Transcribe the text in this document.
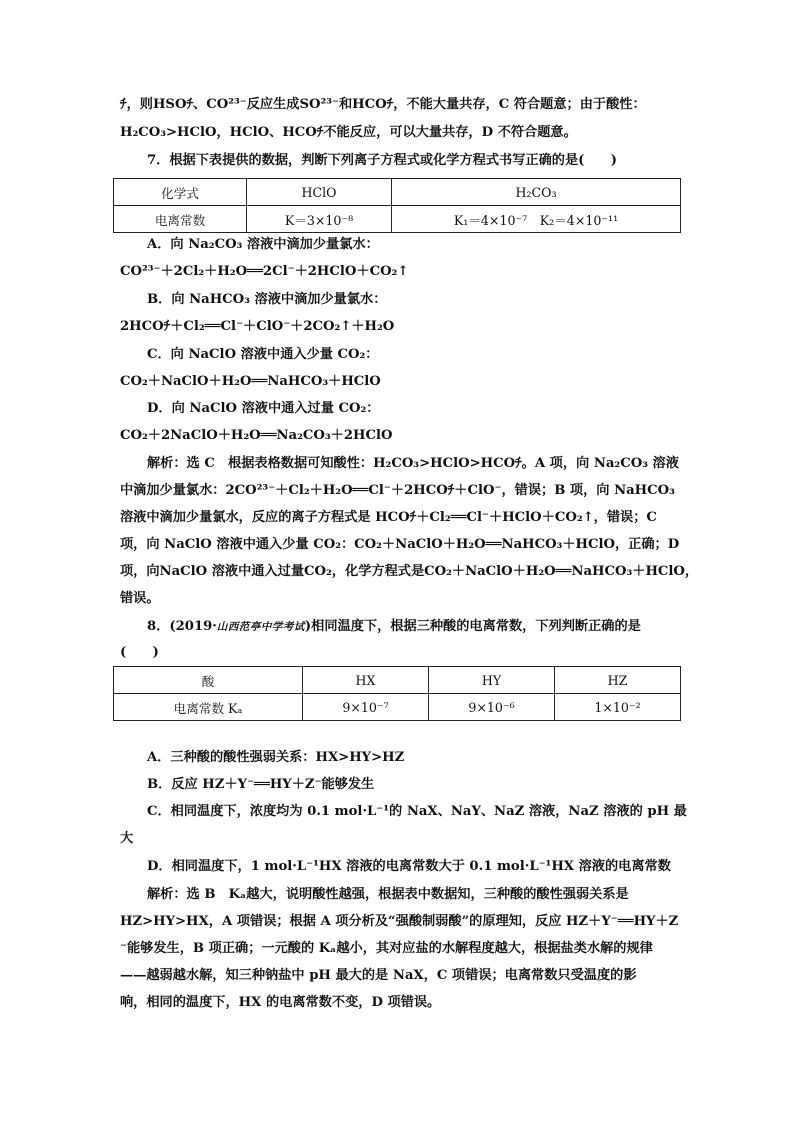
ﾁ，则HSOﾁ、CO²³⁻反应生成SO²³⁻和HCOﾁ，不能大量共存，C 符合题意；由于酸性：
H₂CO₃>HClO，HClO、HCOﾁ不能反应，可以大量共存，D 不符合题意。
7．根据下表提供的数据，判断下列离子方程式或化学方程式书写正确的是(　　)
化学式	HClO	H₂CO₃
电离常数	K＝3×10⁻⁸	K₁＝4×10⁻⁷　K₂＝4×10⁻¹¹
A．向 Na₂CO₃ 溶液中滴加少量氯水：
CO²³⁻＋2Cl₂＋H₂O══2Cl⁻＋2HClO＋CO₂↑
B．向 NaHCO₃ 溶液中滴加少量氯水：
2HCOﾁ＋Cl₂══Cl⁻＋ClO⁻＋2CO₂↑＋H₂O
C．向 NaClO 溶液中通入少量 CO₂：
CO₂＋NaClO＋H₂O══NaHCO₃＋HClO
D．向 NaClO 溶液中通入过量 CO₂：
CO₂＋2NaClO＋H₂O══Na₂CO₃＋2HClO
解析：选 C　根据表格数据可知酸性：H₂CO₃>HClO>HCOﾁ。A 项，向 Na₂CO₃ 溶液
中滴加少量氯水：2CO²³⁻＋Cl₂＋H₂O══Cl⁻＋2HCOﾁ＋ClO⁻，错误；B 项，向 NaHCO₃
溶液中滴加少量氯水，反应的离子方程式是 HCOﾁ＋Cl₂══Cl⁻＋HClO＋CO₂↑，错误；C
项，向 NaClO 溶液中通入少量 CO₂：CO₂＋NaClO＋H₂O══NaHCO₃＋HClO，正确；D
项，向NaClO 溶液中通入过量CO₂，化学方程式是CO₂＋NaClO＋H₂O══NaHCO₃＋HClO，
错误。
8．(2019·山西范亭中学考试)相同温度下，根据三种酸的电离常数，下列判断正确的是
(　　)
酸	HX	HY	HZ
电离常数 Kₐ	9×10⁻⁷	9×10⁻⁶	1×10⁻²
A．三种酸的酸性强弱关系：HX>HY>HZ
B．反应 HZ＋Y⁻══HY＋Z⁻能够发生
C．相同温度下，浓度均为 0.1 mol·L⁻¹的 NaX、NaY、NaZ 溶液，NaZ 溶液的 pH 最
大
D．相同温度下，1 mol·L⁻¹HX 溶液的电离常数大于 0.1 mol·L⁻¹HX 溶液的电离常数
解析：选 B　Kₐ越大，说明酸性越强，根据表中数据知，三种酸的酸性强弱关系是
HZ>HY>HX，A 项错误；根据 A 项分析及“强酸制弱酸”的原理知，反应 HZ＋Y⁻══HY＋Z
⁻能够发生，B 项正确；一元酸的 Kₐ越小，其对应盐的水解程度越大，根据盐类水解的规律
——越弱越水解，知三种钠盐中 pH 最大的是 NaX，C 项错误；电离常数只受温度的影
响，相同的温度下，HX 的电离常数不变，D 项错误。
